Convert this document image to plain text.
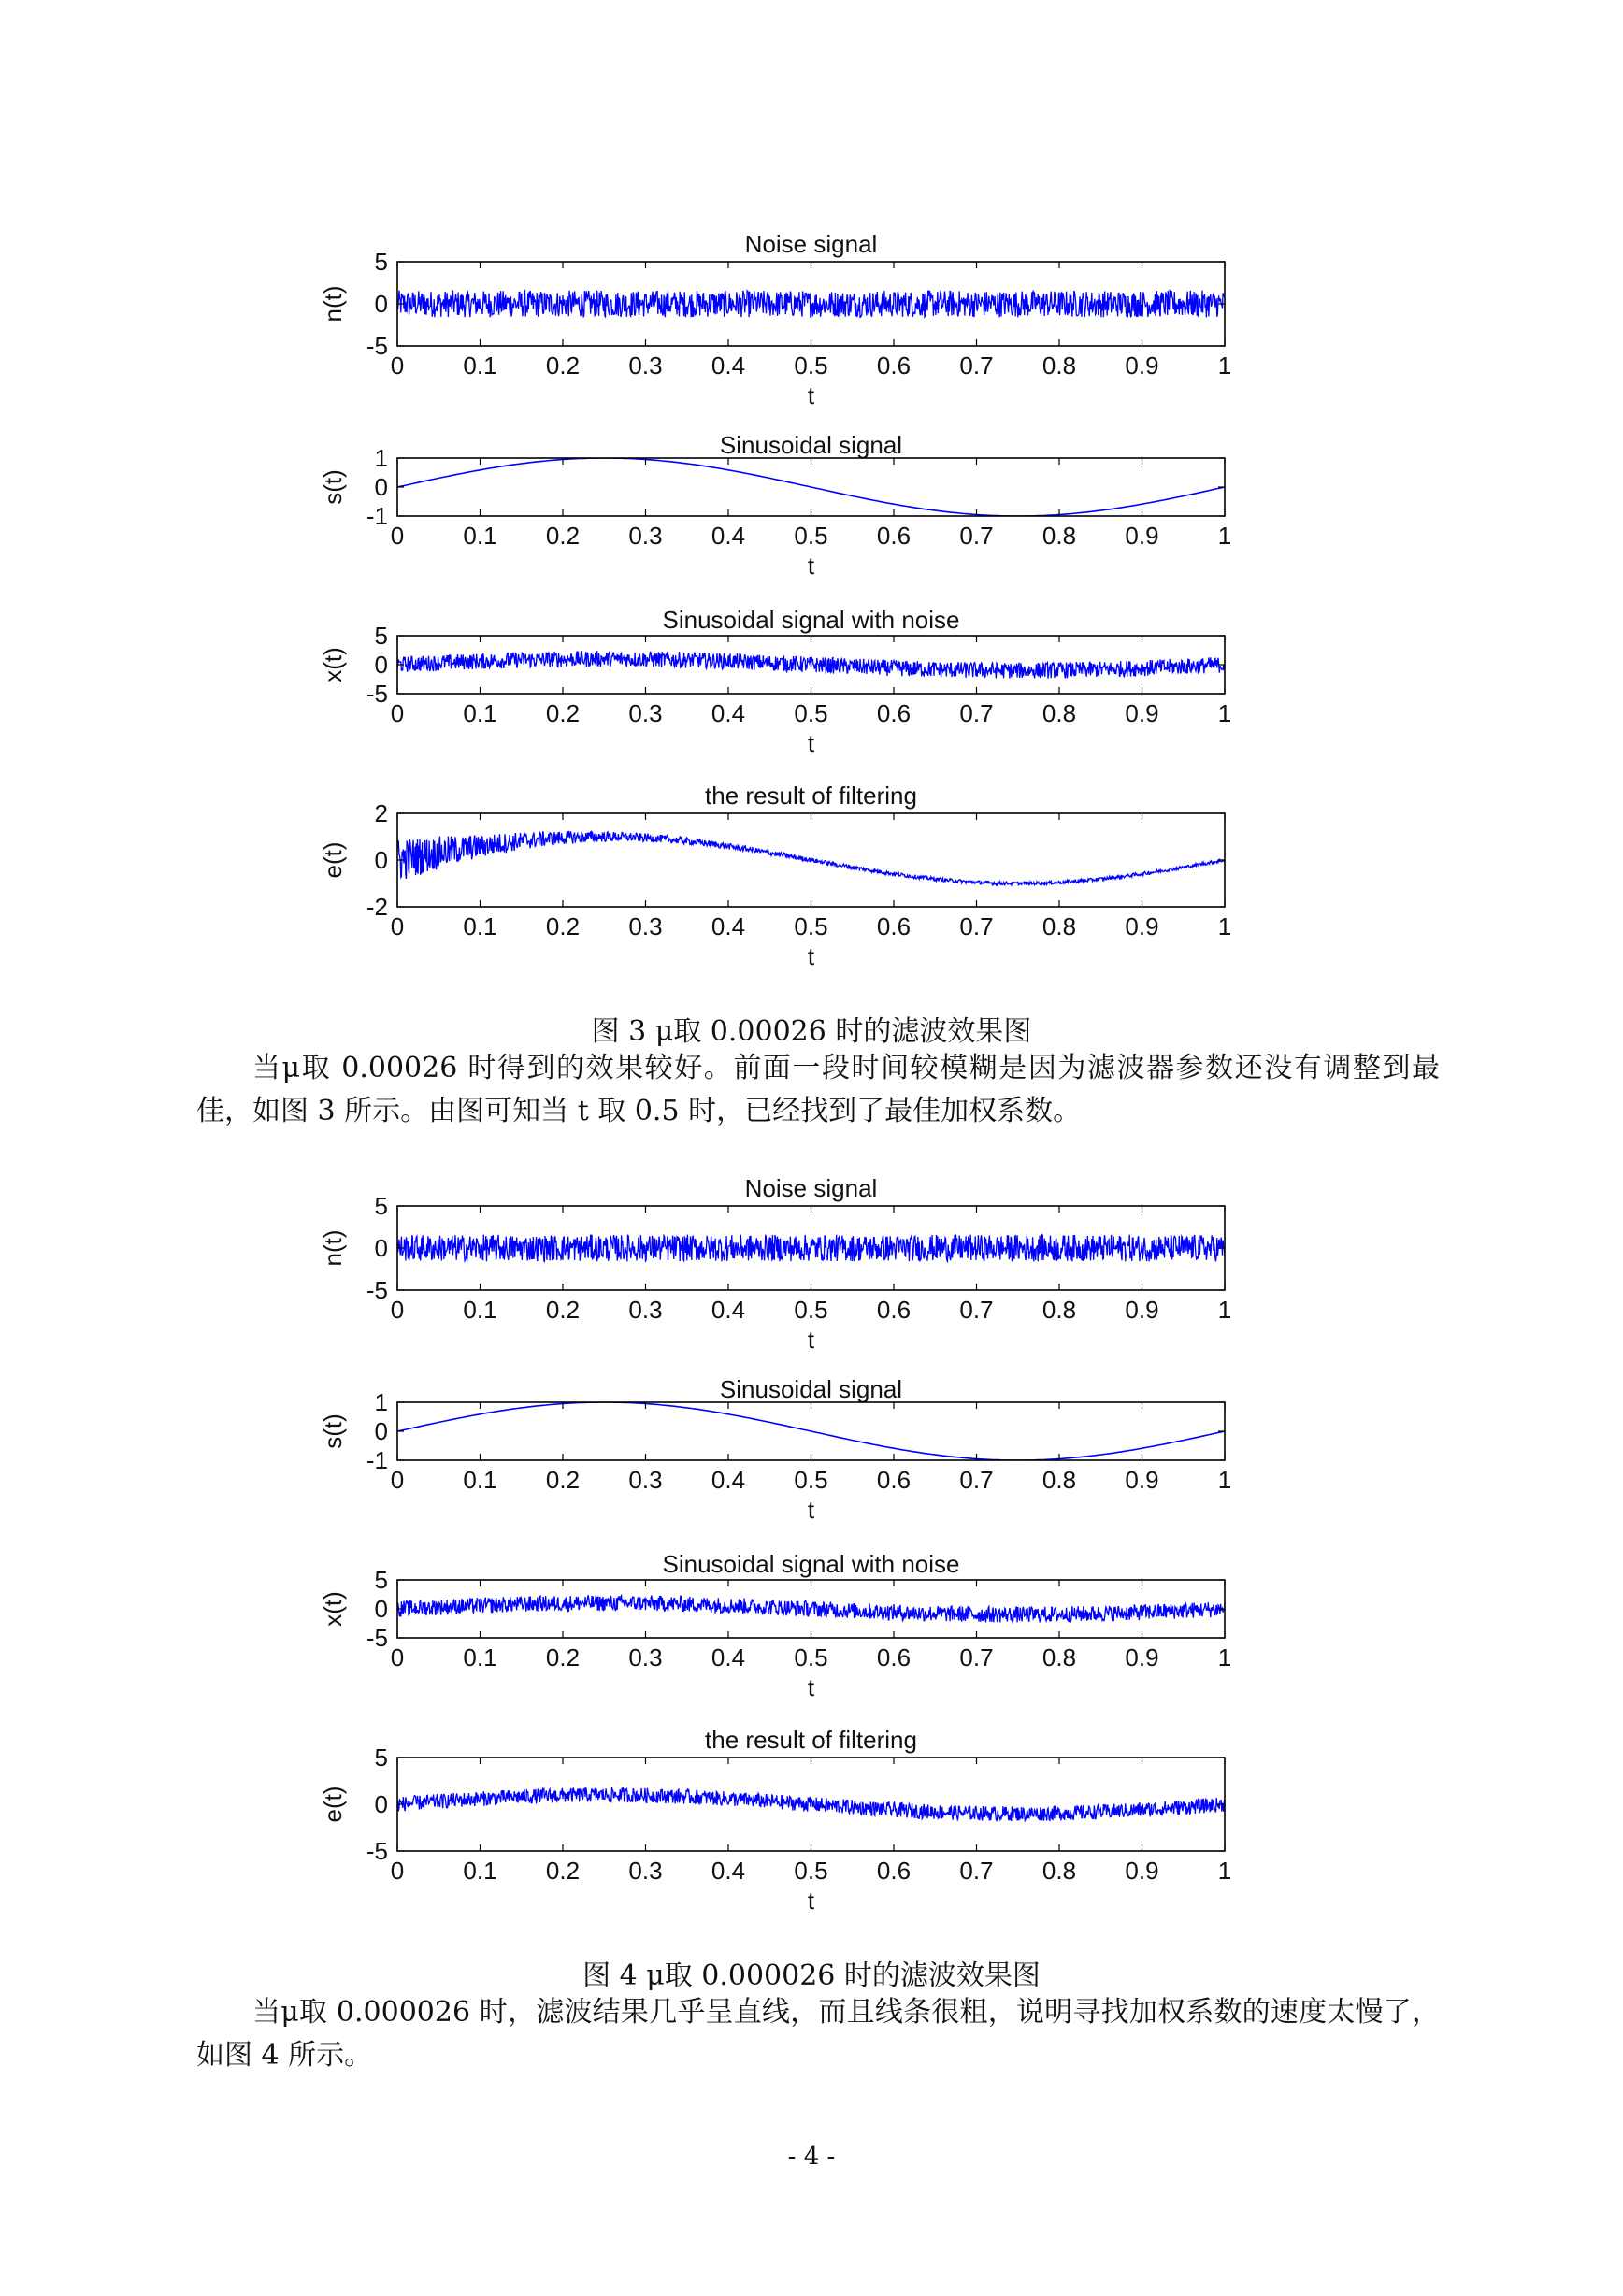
Noise signal
0 0.1 0.2 0.3 0.4 0.5 0.6 0.7 0.8 0.9 1
5
0
-5
t
n(t)
Sinusoidal signal
0 0.1 0.2 0.3 0.4 0.5 0.6 0.7 0.8 0.9 1
1
0
-1
t
s(t)
Sinusoidal signal with noise
0 0.1 0.2 0.3 0.4 0.5 0.6 0.7 0.8 0.9 1
5
0
-5
t
x(t)
the result of filtering
0 0.1 0.2 0.3 0.4 0.5 0.6 0.7 0.8 0.9 1
2
0
-2
t
e(t)
图 3 μ取 0.00026 时的滤波效果图

当μ取 0.00026 时得到的效果较好。前面一段时间较模糊是因为滤波器参数还没有调整到最佳，如图 3 所示。由图可知当 t 取 0.5 时，已经找到了最佳加权系数。

Noise signal
0 0.1 0.2 0.3 0.4 0.5 0.6 0.7 0.8 0.9 1
5
0
-5
t
n(t)
Sinusoidal signal
0 0.1 0.2 0.3 0.4 0.5 0.6 0.7 0.8 0.9 1
1
0
-1
t
s(t)
Sinusoidal signal with noise
0 0.1 0.2 0.3 0.4 0.5 0.6 0.7 0.8 0.9 1
5
0
-5
t
x(t)
the result of filtering
0 0.1 0.2 0.3 0.4 0.5 0.6 0.7 0.8 0.9 1
5
0
-5
t
e(t)
图 4 μ取 0.000026 时的滤波效果图

当μ取 0.000026 时，滤波结果几乎呈直线，而且线条很粗，说明寻找加权系数的速度太慢了，如图 4 所示。

- 4 -
